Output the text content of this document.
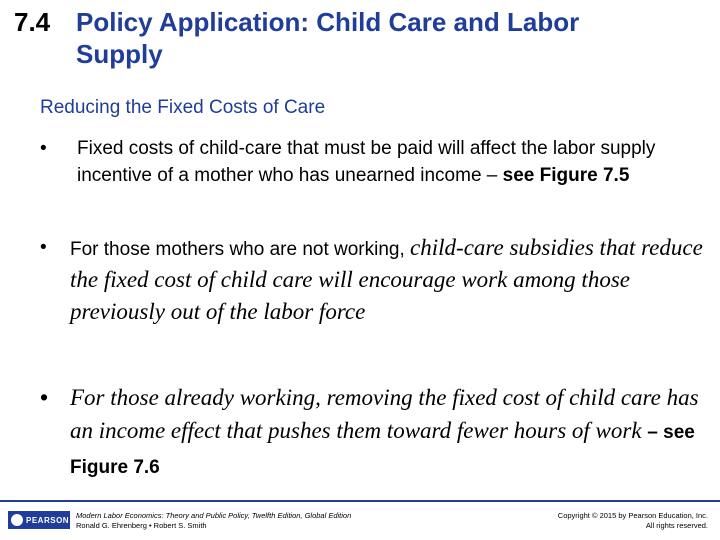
7.4 Policy Application: Child Care and Labor
Supply
Reducing the Fixed Costs of Care
• Fixed costs of child-care that must be paid will affect the labor supply incentive of a mother who has unearned income – see Figure 7.5
• For those mothers who are not working, child-care subsidies that reduce the fixed cost of child care will encourage work among those previously out of the labor force
• For those already working, removing the fixed cost of child care has an income effect that pushes them toward fewer hours of work – see Figure 7.6
PEARSON Modern Labor Economics: Theory and Public Policy, Twelfth Edition, Global Edition
Ronald G. Ehrenberg • Robert S. Smith
Copyright © 2015 by Pearson Education, Inc.
All rights reserved.
